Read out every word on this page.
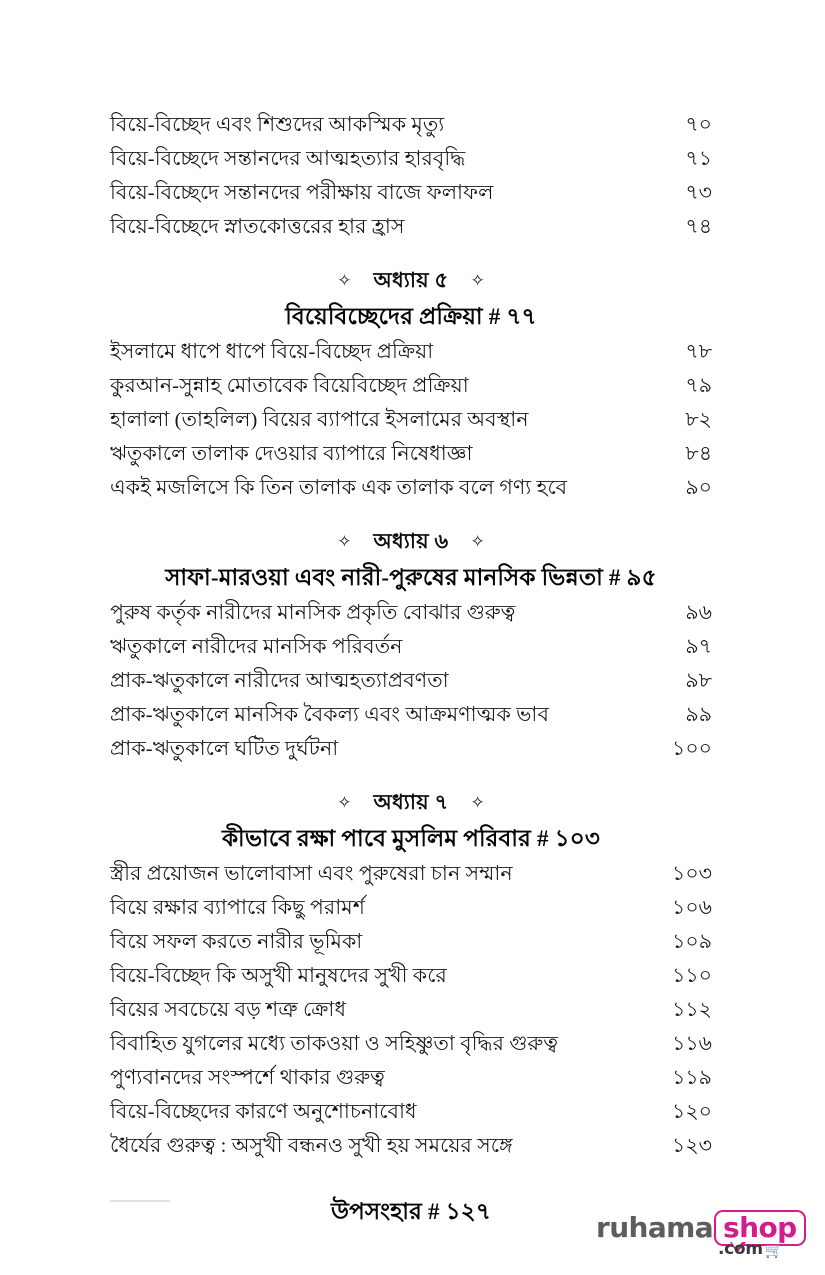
বিয়ে-বিচ্ছেদ এবং শিশুদের আকস্মিক মৃত্যু	৭০
বিয়ে-বিচ্ছেদে সন্তানদের আত্মহত্যার হারবৃদ্ধি	৭১
বিয়ে-বিচ্ছেদে সন্তানদের পরীক্ষায় বাজে ফলাফল	৭৩
বিয়ে-বিচ্ছেদে স্নাতকোত্তরের হার হ্রাস	৭৪
✧ অধ্যায় ৫ ✧
বিয়েবিচ্ছেদের প্রক্রিয়া # ৭৭
ইসলামে ধাপে ধাপে বিয়ে-বিচ্ছেদ প্রক্রিয়া	৭৮
কুরআন-সুন্নাহ মোতাবেক বিয়েবিচ্ছেদ প্রক্রিয়া	৭৯
হালালা (তাহলিল) বিয়ের ব্যাপারে ইসলামের অবস্থান	৮২
ঋতুকালে তালাক দেওয়ার ব্যাপারে নিষেধাজ্ঞা	৮৪
একই মজলিসে কি তিন তালাক এক তালাক বলে গণ্য হবে	৯০
✧ অধ্যায় ৬ ✧
সাফা-মারওয়া এবং নারী-পুরুষের মানসিক ভিন্নতা # ৯৫
পুরুষ কর্তৃক নারীদের মানসিক প্রকৃতি বোঝার গুরুত্ব	৯৬
ঋতুকালে নারীদের মানসিক পরিবর্তন	৯৭
প্রাক-ঋতুকালে নারীদের আত্মহত্যাপ্রবণতা	৯৮
প্রাক-ঋতুকালে মানসিক বৈকল্য এবং আক্রমণাত্মক ভাব	৯৯
প্রাক-ঋতুকালে ঘটিত দুর্ঘটনা	১০০
✧ অধ্যায় ৭ ✧
কীভাবে রক্ষা পাবে মুসলিম পরিবার # ১০৩
স্ত্রীর প্রয়োজন ভালোবাসা এবং পুরুষেরা চান সম্মান	১০৩
বিয়ে রক্ষার ব্যাপারে কিছু পরামর্শ	১০৬
বিয়ে সফল করতে নারীর ভূমিকা	১০৯
বিয়ে-বিচ্ছেদ কি অসুখী মানুষদের সুখী করে	১১০
বিয়ের সবচেয়ে বড় শত্রু ক্রোধ	১১২
বিবাহিত যুগলের মধ্যে তাকওয়া ও সহিষ্ণুতা বৃদ্ধির গুরুত্ব	১১৬
পুণ্যবানদের সংস্পর্শে থাকার গুরুত্ব	১১৯
বিয়ে-বিচ্ছেদের কারণে অনুশোচনাবোধ	১২০
ধৈর্যের গুরুত্ব : অসুখী বন্ধনও সুখী হয় সময়ের সঙ্গে	১২৩
উপসংহার # ১২৭	ruhama shop
.com 🛒
